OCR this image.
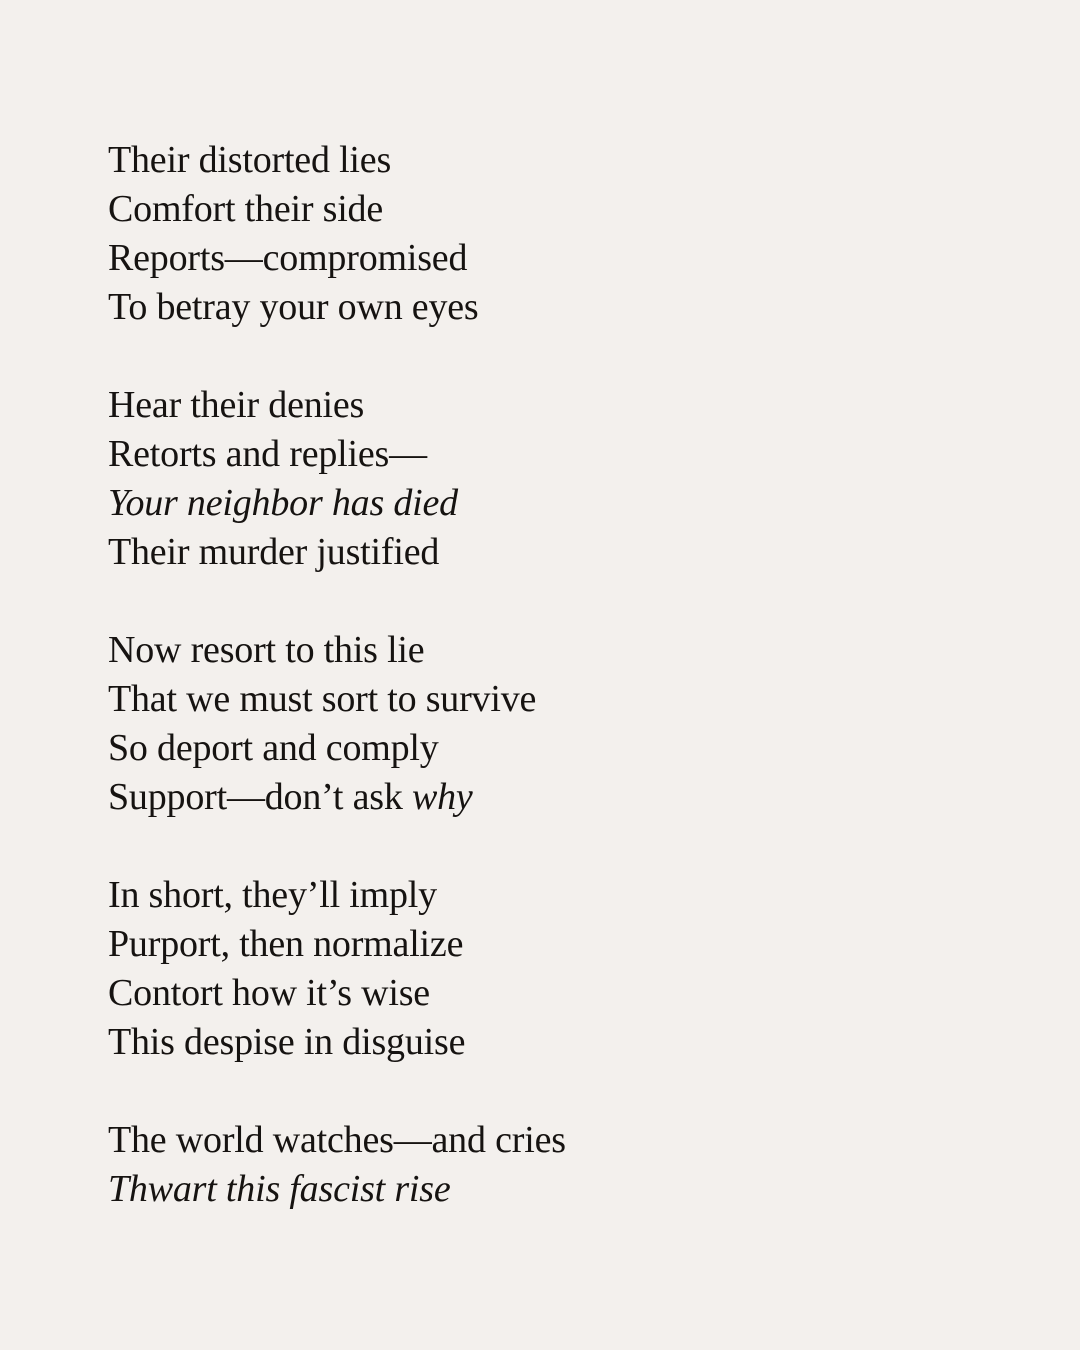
Their distorted lies
Comfort their side
Reports—compromised
To betray your own eyes
Hear their denies
Retorts and replies—
Your neighbor has died
Their murder justified
Now resort to this lie
That we must sort to survive
So deport and comply
Support—don’t ask why
In short, they’ll imply
Purport, then normalize
Contort how it’s wise
This despise in disguise
The world watches—and cries
Thwart this fascist rise
